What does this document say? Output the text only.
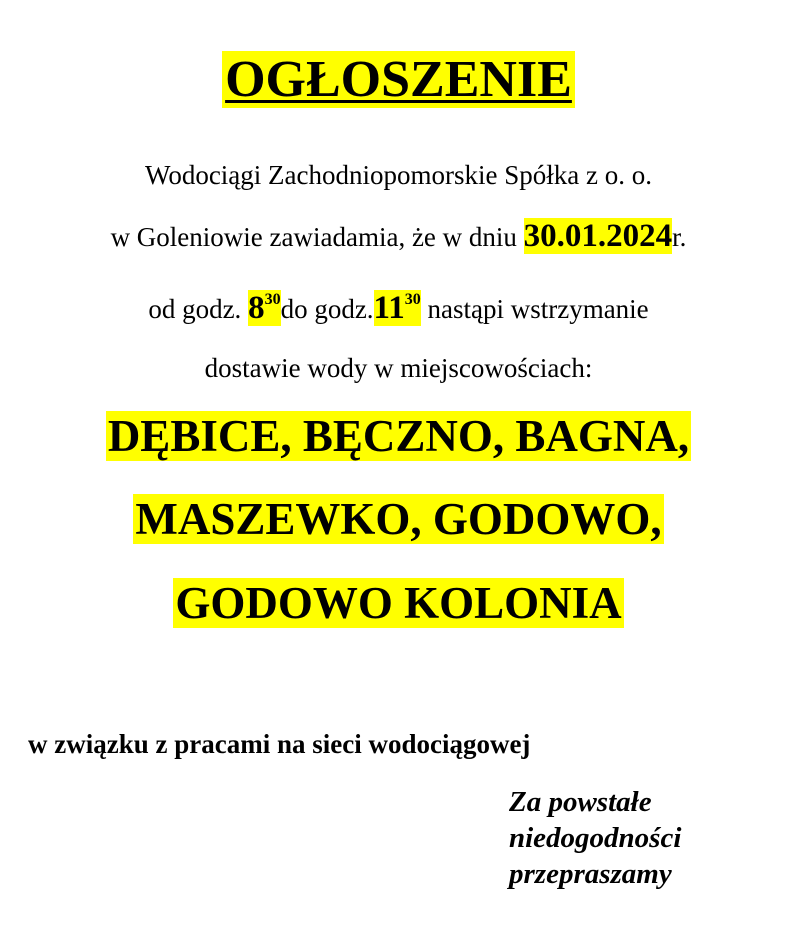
OGŁOSZENIE
Wodociągi Zachodniopomorskie Spółka z o. o.
w Goleniowie zawiadamia, że w dniu 30.01.2024r.
od godz. $8^{30}do$ $godz.11^{30}$ nastąpi wstrzymanie
dostawie wody w miejscowościach:
DĘBICE, BĘCZNO, BAGNA,
MASZEWKO, GODOWO,
GODOWO KOLONIA
w związku z pracami na sieci wodociągowej
Za powstałe
niedogodności
przepraszamy
